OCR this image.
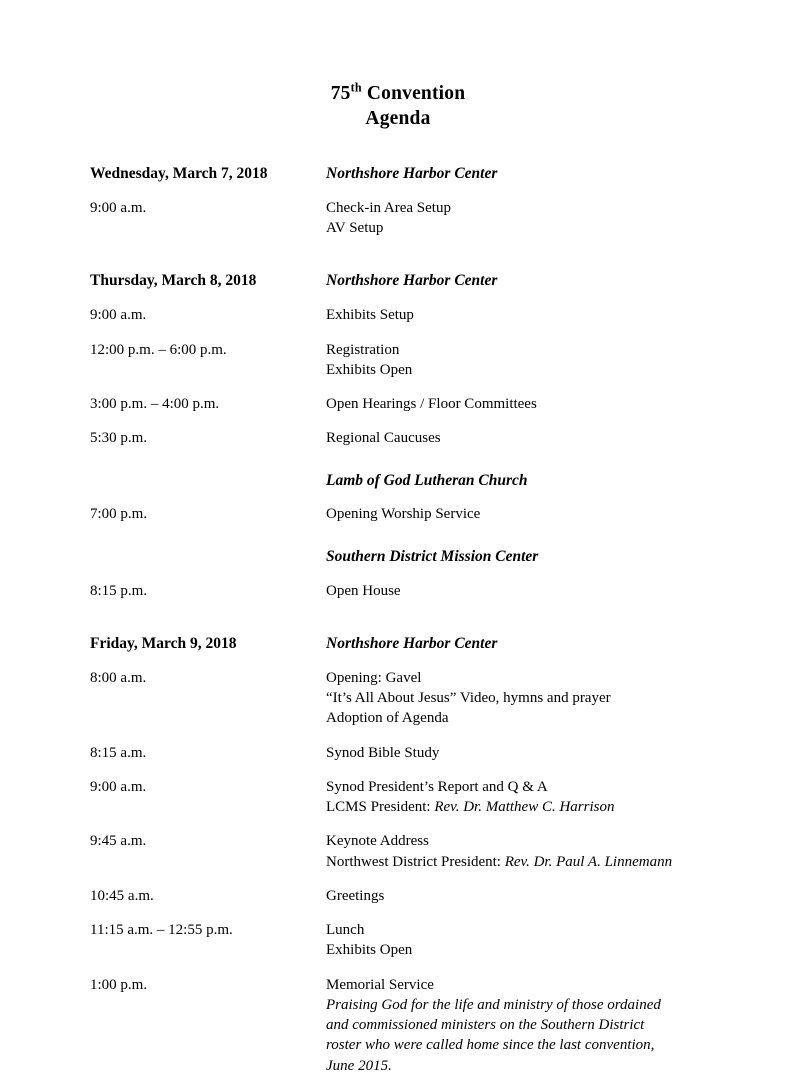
75th Convention
Agenda
Wednesday, March 7, 2018	Northshore Harbor Center
9:00 a.m.	Check-in Area Setup
AV Setup
Thursday, March 8, 2018	Northshore Harbor Center
9:00 a.m.	Exhibits Setup
12:00 p.m. – 6:00 p.m.	Registration
Exhibits Open
3:00 p.m. – 4:00 p.m.	Open Hearings / Floor Committees
5:30 p.m.	Regional Caucuses
Lamb of God Lutheran Church
7:00 p.m.	Opening Worship Service
Southern District Mission Center
8:15 p.m.	Open House
Friday, March 9, 2018	Northshore Harbor Center
8:00 a.m.	Opening: Gavel
“It’s All About Jesus” Video, hymns and prayer
Adoption of Agenda
8:15 a.m.	Synod Bible Study
9:00 a.m.	Synod President’s Report and Q & A
LCMS President: Rev. Dr. Matthew C. Harrison
9:45 a.m.	Keynote Address
Northwest District President: Rev. Dr. Paul A. Linnemann
10:45 a.m.	Greetings
11:15 a.m. – 12:55 p.m.	Lunch
Exhibits Open
1:00 p.m.	Memorial Service
Praising God for the life and ministry of those ordained
and commissioned ministers on the Southern District
roster who were called home since the last convention,
June 2015.
